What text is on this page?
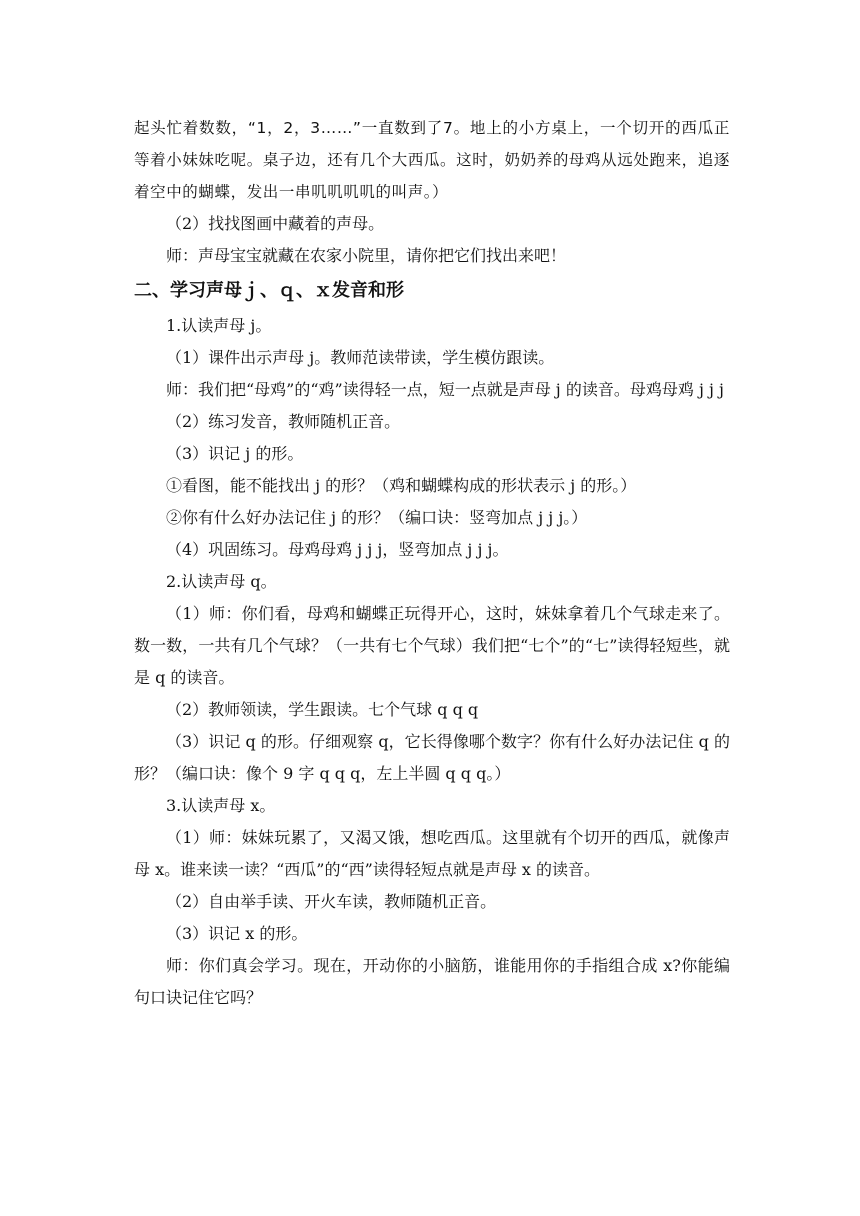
起头忙着数数，“1，2，3……”一直数到了7。地上的小方桌上，一个切开的西瓜正等着小妹妹吃呢。桌子边，还有几个大西瓜。这时，奶奶养的母鸡从远处跑来，追逐着空中的蝴蝶，发出一串叽叽叽叽的叫声。）

（2）找找图画中藏着的声母。

师：声母宝宝就藏在农家小院里，请你把它们找出来吧！

二、学习声母ｊ、ｑ、ｘ发音和形

1.认读声母 j。

（1）课件出示声母 j。教师范读带读，学生模仿跟读。

师：我们把“母鸡”的“鸡”读得轻一点，短一点就是声母 j 的读音。母鸡母鸡 j j j

（2）练习发音，教师随机正音。

（3）识记 j 的形。

①看图，能不能找出 j 的形？（鸡和蝴蝶构成的形状表示 j 的形。）

②你有什么好办法记住 j 的形？（编口诀：竖弯加点 j j j。）

（4）巩固练习。母鸡母鸡 j j j，竖弯加点 j j j。

2.认读声母 q。

（1）师：你们看，母鸡和蝴蝶正玩得开心，这时，妹妹拿着几个气球走来了。数一数，一共有几个气球？（一共有七个气球）我们把“七个”的“七”读得轻短些，就是 q 的读音。

（2）教师领读，学生跟读。七个气球 q q q

（3）识记 q 的形。仔细观察 q，它长得像哪个数字？你有什么好办法记住 q 的形？（编口诀：像个 9 字 q q q，左上半圆 q q q。）

3.认读声母 x。

（1）师：妹妹玩累了，又渴又饿，想吃西瓜。这里就有个切开的西瓜，就像声母 x。谁来读一读？“西瓜”的“西”读得轻短点就是声母 x 的读音。

（2）自由举手读、开火车读，教师随机正音。

（3）识记 x 的形。

师：你们真会学习。现在，开动你的小脑筋，谁能用你的手指组合成 x?你能编句口诀记住它吗？
